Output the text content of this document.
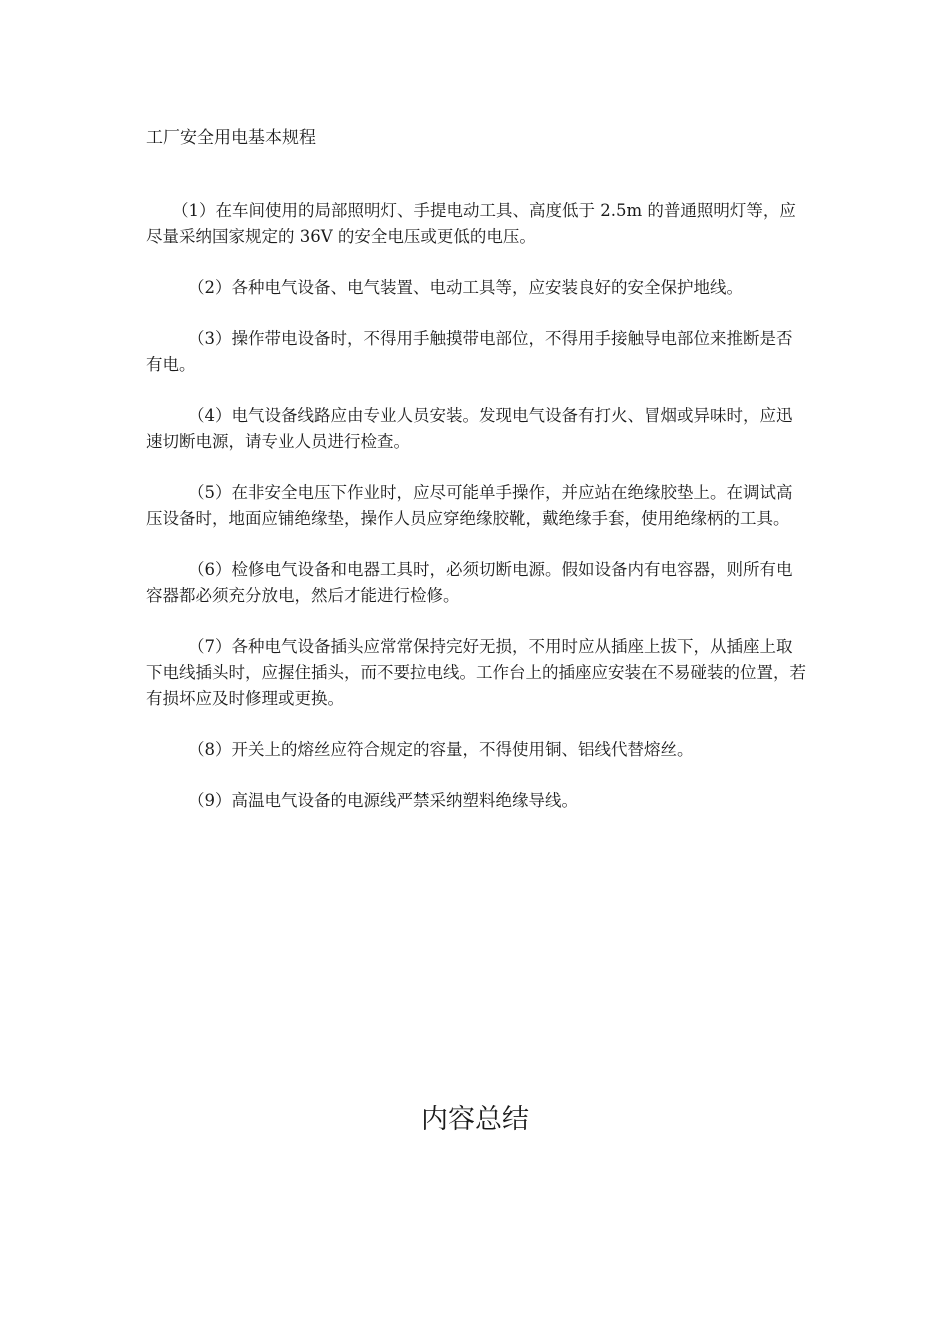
工厂安全用电基本规程

（1）在车间使用的局部照明灯、手提电动工具、高度低于 2.5m 的普通照明灯等，应尽量采纳国家规定的 36V 的安全电压或更低的电压。

（2）各种电气设备、电气装置、电动工具等，应安装良好的安全保护地线。

（3）操作带电设备时，不得用手触摸带电部位，不得用手接触导电部位来推断是否有电。

（4）电气设备线路应由专业人员安装。发现电气设备有打火、冒烟或异味时，应迅速切断电源，请专业人员进行检查。

（5）在非安全电压下作业时，应尽可能单手操作，并应站在绝缘胶垫上。在调试高压设备时，地面应铺绝缘垫，操作人员应穿绝缘胶靴，戴绝缘手套，使用绝缘柄的工具。

（6）检修电气设备和电器工具时，必须切断电源。假如设备内有电容器，则所有电容器都必须充分放电，然后才能进行检修。

（7）各种电气设备插头应常常保持完好无损，不用时应从插座上拔下，从插座上取下电线插头时，应握住插头，而不要拉电线。工作台上的插座应安装在不易碰装的位置，若有损坏应及时修理或更换。

（8）开关上的熔丝应符合规定的容量，不得使用铜、铝线代替熔丝。

（9）高温电气设备的电源线严禁采纳塑料绝缘导线。

内容总结
